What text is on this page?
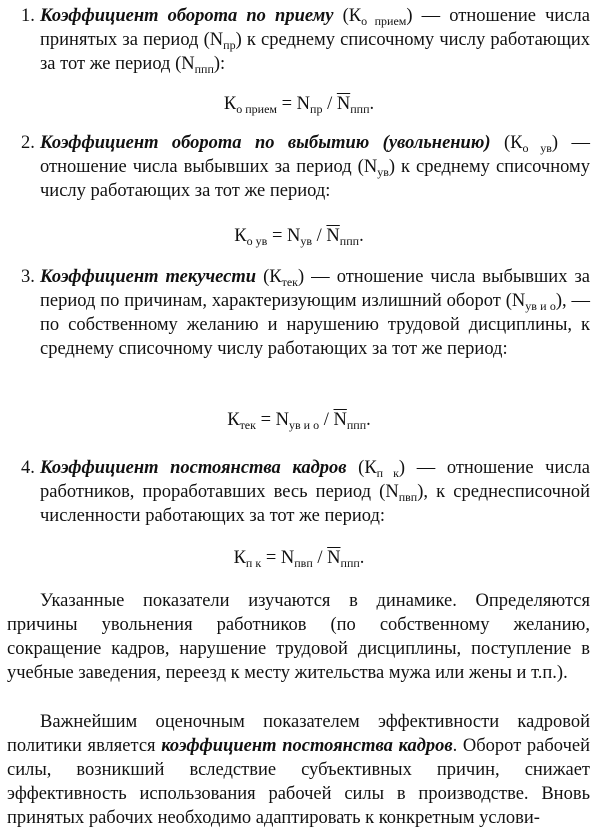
1. Коэффициент оборота по приему $(К_{о прием})$ — отношение числа принятых за период $(N_{пр})$ к среднему списочному числу работающих за тот же период $(N_{ппп})$:

$К_{о прием} = N_{пр} / \overline{N}_{ппп}$.
2. Коэффициент оборота по выбытию (увольнению) $(К_{о ув})$ — отношение числа выбывших за период $(N_{ув})$ к среднему списочному числу работающих за тот же период:

$К_{о ув} = N_{ув} / \overline{N}_{ппп}$.
3. Коэффициент текучести $(К_{тек})$ — отношение числа выбывших за период по причинам, характеризующим излишний оборот $(N_{ув и о})$, — по собственному желанию и нарушению трудовой дисциплины, к среднему списочному числу работающих за тот же период:

$К_{тек} = N_{ув и о} / \overline{N}_{ппп}$.
4. Коэффициент постоянства кадров $(К_{п к})$ — отношение числа работников, проработавших весь период $(N_{пвп})$, к среднесписочной численности работающих за тот же период:

$К_{п к} = N_{пвп} / \overline{N}_{ппп}$.

Указанные показатели изучаются в динамике. Определяются причины увольнения работников (по собственному желанию, сокращение кадров, нарушение трудовой дисциплины, поступление в учебные заведения, переезд к месту жительства мужа или жены и т.п.).

Важнейшим оценочным показателем эффективности кадровой политики является коэффициент постоянства кадров. Оборот рабочей силы, возникший вследствие субъективных причин, снижает эффективность использования рабочей силы в производстве. Вновь принятых рабочих необходимо адаптировать к конкретным услови-
